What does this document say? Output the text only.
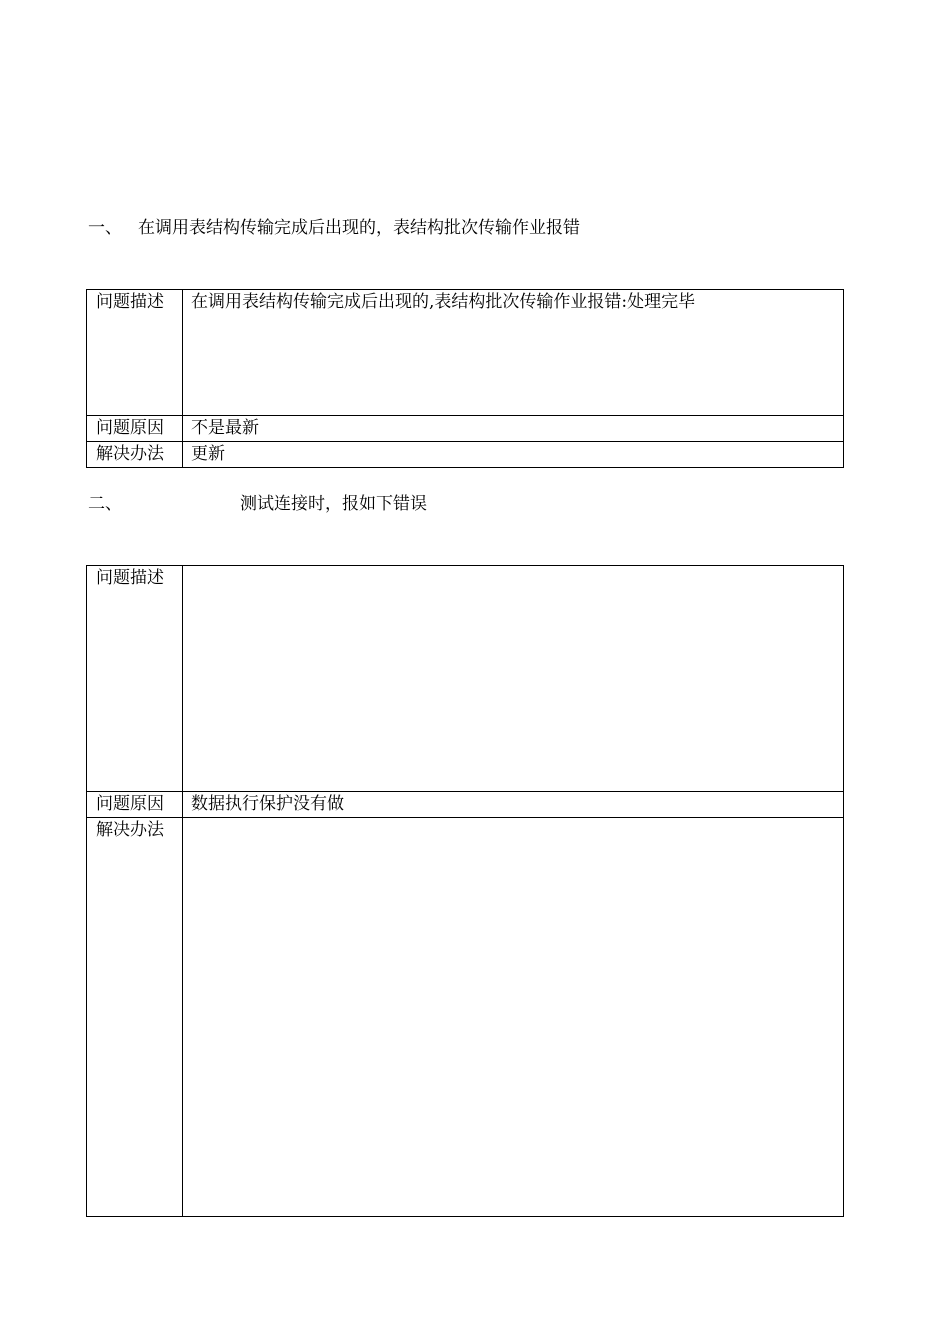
一、 在调用表结构传输完成后出现的，表结构批次传输作业报错
问题描述	在调用表结构传输完成后出现的,表结构批次传输作业报错:处理完毕
问题原因	不是最新
解决办法	更新
二、	测试连接时，报如下错误
问题描述	
问题原因	数据执行保护没有做
解决办法	
